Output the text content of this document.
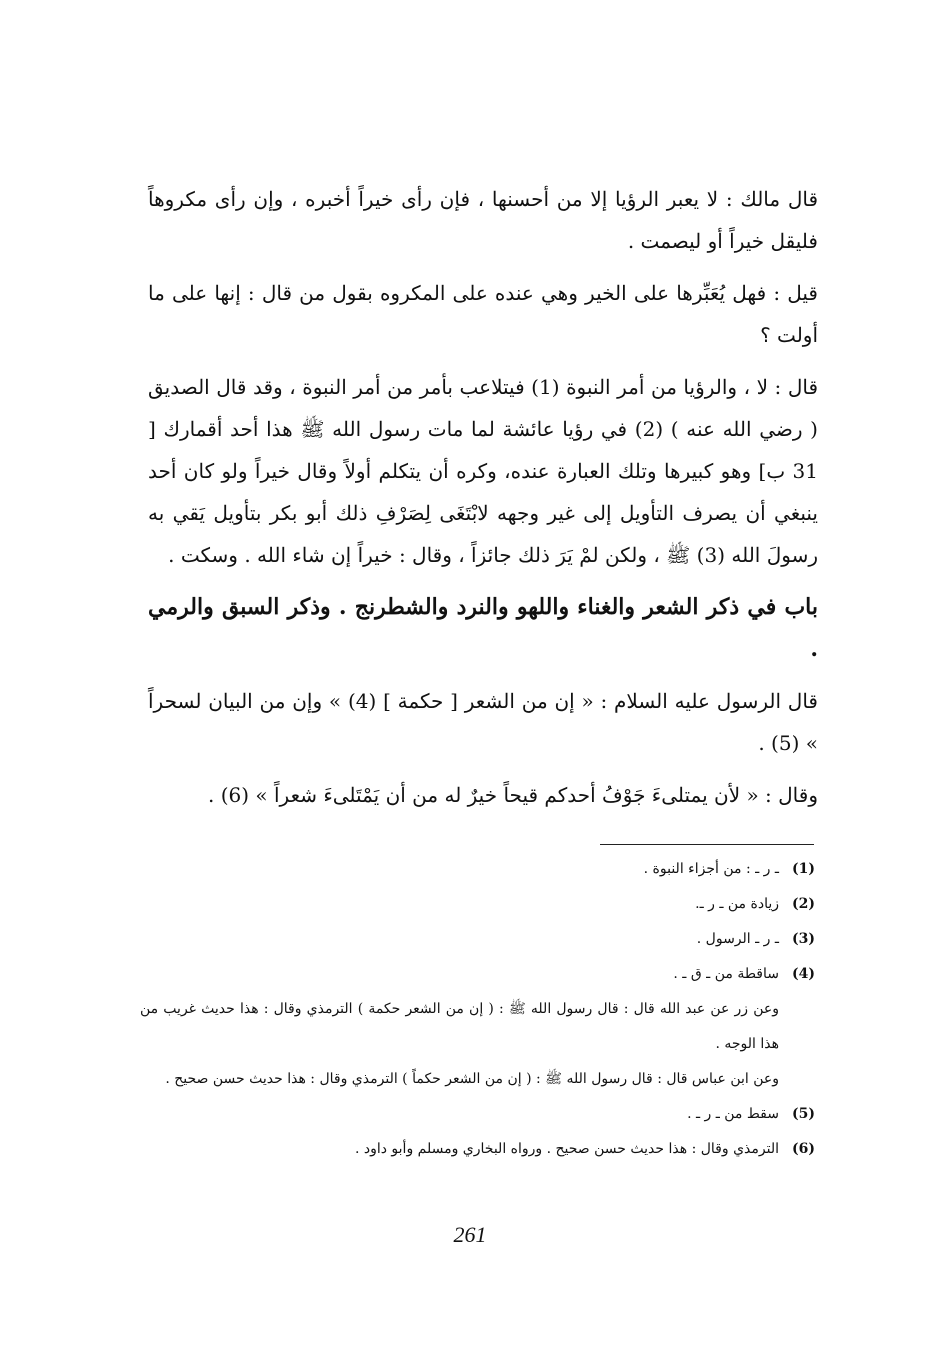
قال مالك : لا يعبر الرؤيا إلا من أحسنها ، فإن رأى خيراً أخبره ، وإن رأى مكروهاً فليقل خيراً أو ليصمت .

قيل : فهل يُعَبِّرها على الخير وهي عنده على المكروه بقول من قال : إنها على ما أولت ؟

قال : لا ، والرؤيا من أمر النبوة (1) فيتلاعب بأمر من أمر النبوة ، وقد قال الصديق ( رضي الله عنه ) (2) في رؤيا عائشة لما مات رسول الله ﷺ هذا أحد أقمارك [ 31 ب] وهو كبيرها وتلك العبارة عنده، وكره أن يتكلم أولاً وقال خيراً ولو كان أحد ينبغي أن يصرف التأويل إلى غير وجهه لابْتَغَى لِصَرْفِ ذلك أبو بكر بتأويل يَقي به رسولَ الله (3) ﷺ ، ولكن لمْ يَرَ ذلك جائزاً ، وقال : خيراً إن شاء الله . وسكت .

باب في ذكر الشعر والغناء واللهو والنرد والشطرنج . وذكر السبق والرمي .

قال الرسول عليه السلام : « إن من الشعر [ حكمة ] (4) » وإن من البيان لسحراً » (5) .

وقال : « لأن يمتلىءَ جَوْفُ أحدكم قيحاً خيرٌ له من أن يَمْتَلىءَ شعراً » (6) .

(1)
ـ ر ـ : من أجزاء النبوة .
(2)
زيادة من ـ ر ـ.
(3)
ـ ر ـ الرسول .
(4)
ساقطة من ـ ق ـ .
وعن زر عن عبد الله قال : قال رسول الله ﷺ : ( إن من الشعر حكمة ) الترمذي وقال : هذا حديث غريب من هذا الوجه .
وعن ابن عباس قال : قال رسول الله ﷺ : ( إن من الشعر حكماً ) الترمذي وقال : هذا حديث حسن صحيح .
(5)
سقط من ـ ر ـ .
(6)
الترمذي وقال : هذا حديث حسن صحيح . ورواه البخاري ومسلم وأبو داود .
261
